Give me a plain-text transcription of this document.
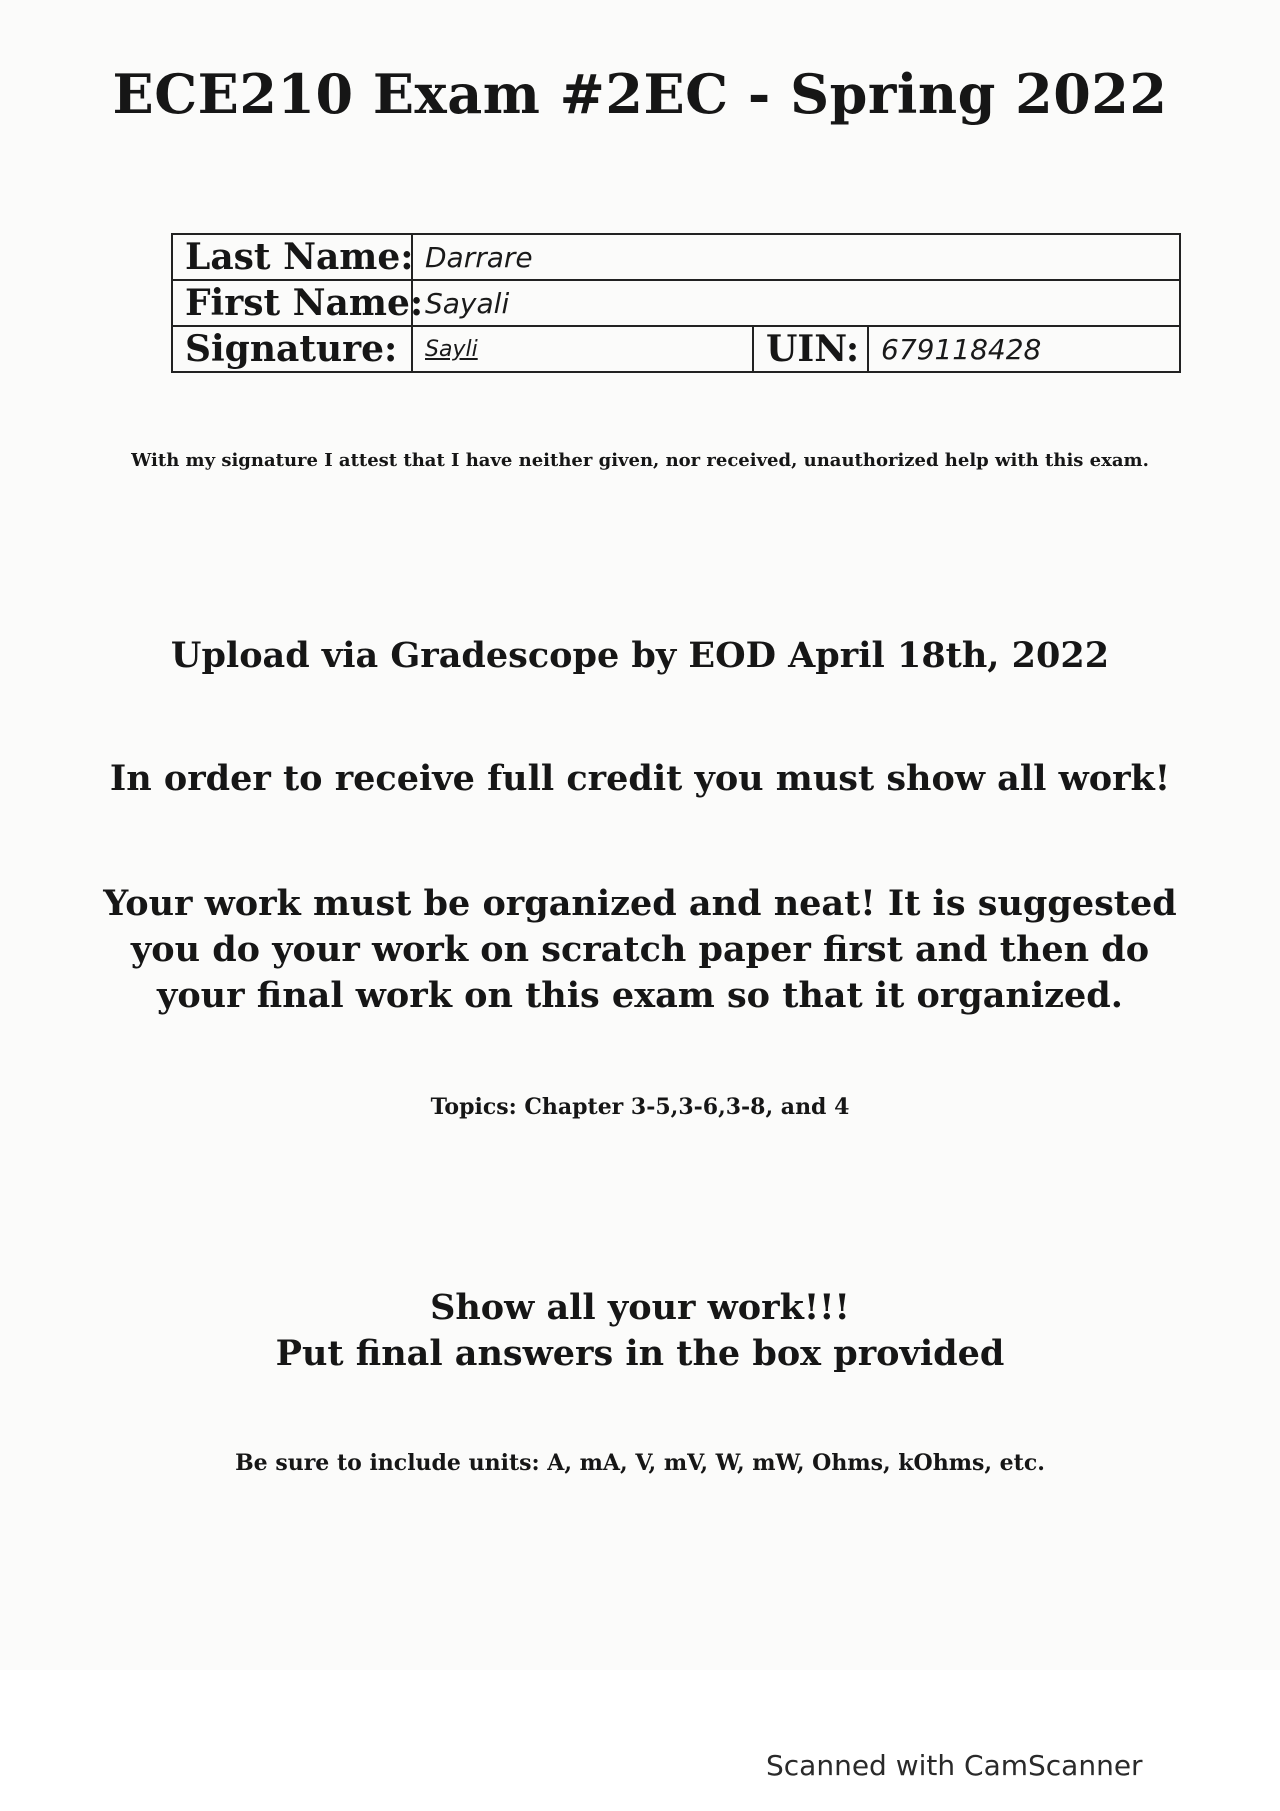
ECE210 Exam #2EC - Spring 2022
Last Name:	Darrare		
First Name:	Sayali		
Signature:	Sayli	UIN:	679118428
With my signature I attest that I have neither given, nor received, unauthorized help with this exam.
Upload via Gradescope by EOD April 18th, 2022
In order to receive full credit you must show all work!
Your work must be organized and neat! It is suggested
you do your work on scratch paper first and then do
your final work on this exam so that it organized.
Topics: Chapter 3-5,3-6,3-8, and 4
Show all your work!!!
Put final answers in the box provided
Be sure to include units: A, mA, V, mV, W, mW, Ohms, kOhms, etc.
Scanned with CamScanner
